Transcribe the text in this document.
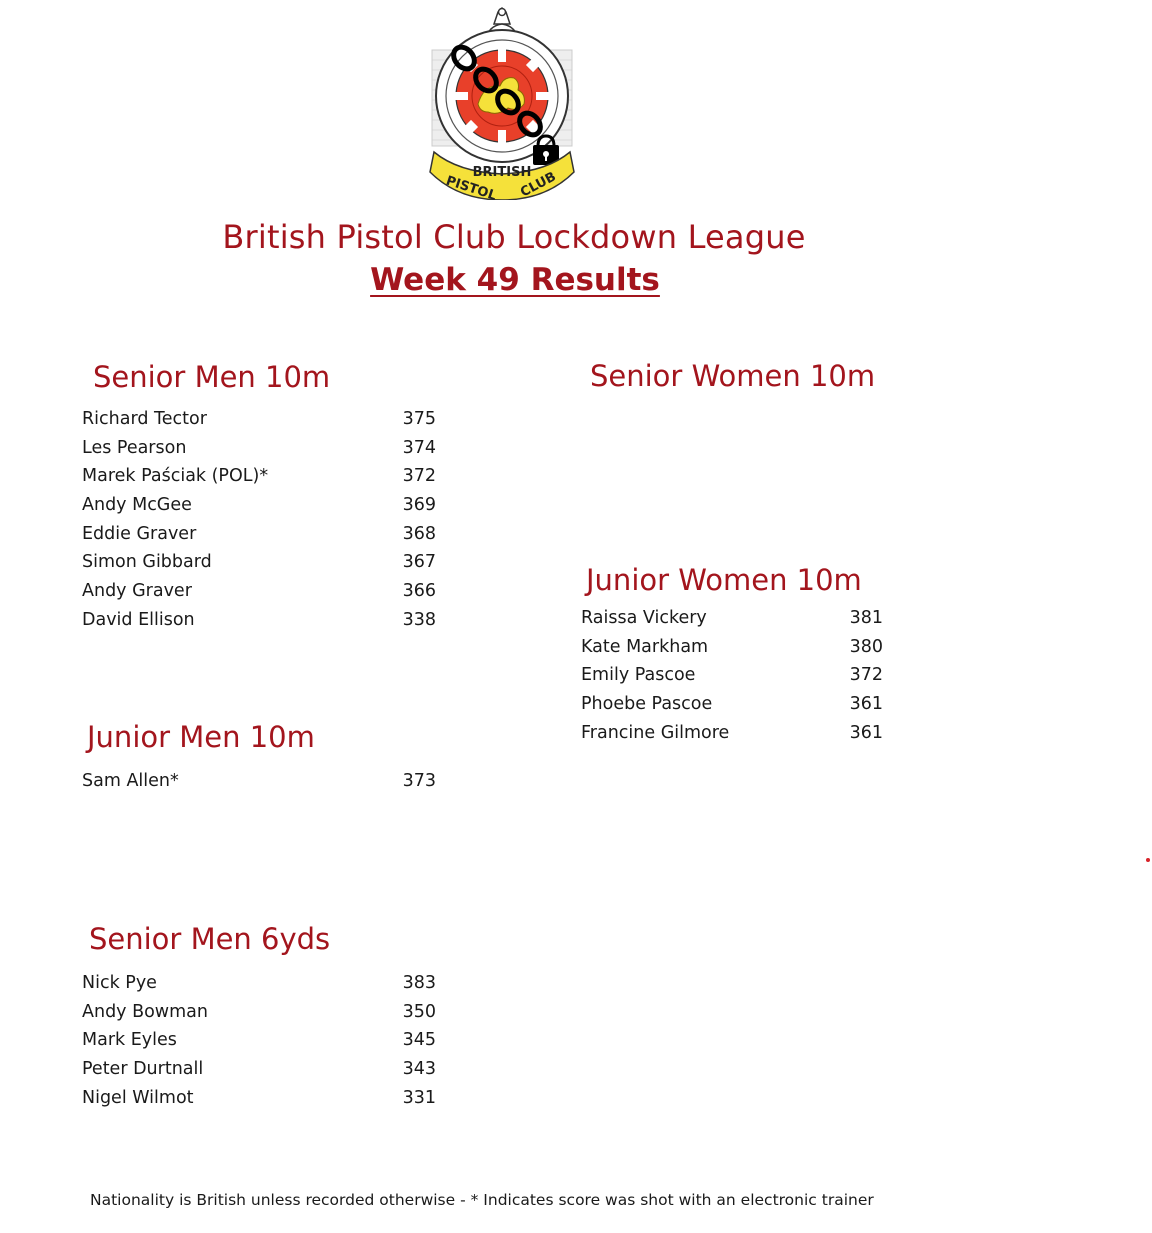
BRITISH
PISTOL CLUB
British Pistol Club Lockdown League
Week 49 Results
Senior Men 10m
Richard Tector	375
Les Pearson	374
Marek Paściak (POL)*	372
Andy McGee	369
Eddie Graver	368
Simon Gibbard	367
Andy Graver	366
David Ellison	338
Senior Women 10m
Junior Women 10m
Raissa Vickery	381
Kate Markham	380
Emily Pascoe	372
Phoebe Pascoe	361
Francine Gilmore	361
Junior Men 10m
Sam Allen*	373
Senior Men 6yds
Nick Pye	383
Andy Bowman	350
Mark Eyles	345
Peter Durtnall	343
Nigel Wilmot	331
Nationality is British unless recorded otherwise - * Indicates score was shot with an electronic trainer
